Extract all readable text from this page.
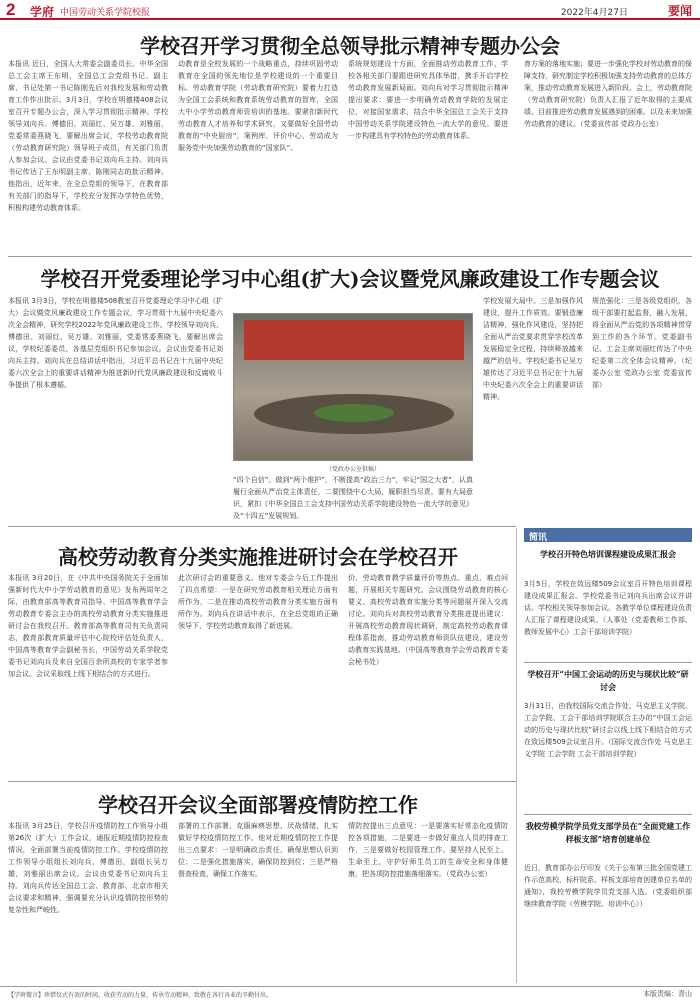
2 学府 中国劳动关系学院校报	2022年4月27日	要闻
学校召开学习贯彻全总领导批示精神专题办公会
本报讯 近日，全国人大常委会副委员长、中华全国总工会主席王东明，全国总工会党组书记、副主席、书记处第一书记陈刚先后对我校发展和劳动教育工作作出批示。3月3日，学校在明德楼408会议室召开专题办公会，深入学习贯彻批示精神。学校领导刘向兵、傅德田、刘丽红、吴万雄、刘雅丽，党委常委燕晓飞，要解出席会议，学校劳动教育院（劳动教育研究院）领导班子成员，有关部门负责人参加会议。会议由党委书记刘向兵主持。刘向兵书记传达了王东明副主席、陈刚同志的批示精神。他指出，近年来，在全总党组的领导下，在教育部有关部门的指导下，学校充分发挥办学特色优势，积极构建劳动教育体系。
动教育是全校发展的一个战略重点，持续巩固劳动教育在全国的领先地位是学校建设的一个重要目标。劳动教育学院（劳动教育研究院）要着力打造为全国工会系统和教育系统劳动教育的智库，全国大中小学劳动教育师资培训的基地。要紧扣新时代劳动教育人才培养和学术研究，又要做好全国劳动教育的“中央厨房”，案例库、评价中心、劳动成为服务党中央加强劳动教育的“国家队”。
系统规划建设十方面，全面推动劳动教育工作。学校各相关部门要跟进研究具体举措，携手开启学校劳动教育发展新局面。刘向兵对学习贯彻批示精神提出要求：要进一步明确劳动教育学院的发展定位，对接国家需求，结合中华全国总工会关于支持中国劳动关系学院建设特色一流大学的意见。要进一步构建具有学校特色的劳动教育体系。
育方案的落地实施；要进一步强化学校对劳动教育的保障支持，研究制定学校积极加强支持劳动教育的总体方案，推动劳动教育发展进入新阶段。会上，劳动教育院（劳动教育研究院）负责人汇报了近年取得的主要成绩、目前推进劳动教育发展遇到的困难。以及未来加强劳动教育的建议。（党委宣传部 党政办公室）
学校召开党委理论学习中心组(扩大)会议暨党风廉政建设工作专题会议
本报讯 3月3日，学校在明德楼508教室召开党委理论学习中心组（扩大）会议暨党风廉政建设工作专题会议，学习贯彻十九届中央纪委六次全会精神，研究学校2022年党风廉政建设工作。学校领导刘向兵、傅德田、刘丽红、吴万雄、刘雅丽，党委常委燕晓飞、要解出席会议，学校纪委委员、各基层党组织书记参加会议。会议由党委书记刘向兵主持。刘向兵在总结讲话中指出，习近平总书记在十九届中央纪委六次全会上的重要讲话精神为推进新时代党风廉政建设和反腐败斗争提供了根本遵循。
（党政办公室供稿）
“四个自信”、做到“两个维护”，不断提高“政治三力”，牢记“国之大者”，认真履行全面从严治党主体责任，二要围绕中心大局，履职担当尽责。要有大局意识，紧扣《中华全国总工会支持中国劳动关系学院建设特色一流大学的意见》及“十四五”发展规划。
学校发展大局中。三是加强作风建设，提升工作质效。要锻造廉洁精神，强化作风建设，坚持把全面从严治党要求贯穿学校改革发展稳定全过程，持续释放越来越严的信号。学校纪委书记吴万雄传达了习近平总书记在十九届中央纪委六次全会上的重要讲话精神。
规范强化：三是各级党组织，各级干部要打起监督，融入发展，将全面从严治党的各项精神贯穿到工作的各个环节。党委副书记、工会主席刘丽红传达了中央纪委第二次全体会议精神。（纪委办公室 党政办公室 党委宣传部）
高校劳动教育分类实施推进研讨会在学校召开
本报讯 3月20日，在《中共中央国务院关于全面加强新时代大中小学劳动教育的意见》发布两周年之际，由教育部高等教育司指导、中国高等教育学会劳动教育专委会主办的高校劳动教育分类实施推进研讨会在我校召开。教育部高等教育司有关负责同志，教育部教育质量评估中心院校评估处负责人，中国高等教育学会副秘书长，中国劳动关系学院党委书记刘向兵及来自全国百余所高校的专家学者参加会议。会议采取线上线下相结合的方式进行。
此次研讨会的重要意义。他对专委会今后工作提出了四点希望：一是在研究劳动教育相关理论方面有所作为，二是在推动高校劳动教育分类实施方面有所作为。刘向兵在讲话中表示，在全总党组的正确领导下，学校劳动教育取得了新进展。
价、劳动教育教学质量评价等热点、重点、难点问题，开展相关专题研究。会议围绕劳动教育的核心要义、高校劳动教育实施分类等问题展开深入交流讨论。刘向兵对高校劳动教育分类推进提出建议：开展高校劳动教育现状调研，制定高校劳动教育课程体系指南，推动劳动教育师资队伍建设，建设劳动教育实践基地。（中国高等教育学会劳动教育专委会秘书处）
学校召开会议全面部署疫情防控工作
本报讯 3月25日，学校召开疫情防控工作领导小组第26次（扩大）工作会议，通报近期疫情防控检查情况，全面部署当前疫情防控工作。学校疫情防控工作领导小组组长刘向兵，傅德田，副组长吴万雄，刘雅丽出席会议。会议由党委书记刘向兵主持。刘向兵传达全国总工会、教育部、北京市相关会议要求和精神，强调要充分认识疫情防控形势的复杂性和严峻性。
部署的工作部署，克服麻痹思想、厌战情绪，扎实做好学校疫情防控工作。他对近期疫情防控工作提出三点要求：一是明确政治责任，确保思想认识到位；二是强化措施落实，确保防控到位；三是严格督查检查，确保工作落实。
情防控提出三点意见：一是要落实好常态化疫情防控各项措施，二是要进一步做好重点人员的排查工作，三是要做好校园管理工作。要坚持人民至上、生命至上，守护好师生员工的生命安全和身体健康，把各项防控措施落细落实。（党政办公室）
简讯
学校召开特色培训课程建设成果汇报会
3月5日，学校在致远楼509会议室召开特色培训课程建设成果汇报会。学校党委书记刘向兵出席会议并讲话。学校相关领导参加会议。各教学单位课程建设负责人汇报了课程建设成果。（人事处（党委教师工作部、教师发展中心）工会干部培训学院）
学校召开“中国工会运动的历史与现状比较”研讨会
3月31日，由我校国际交流合作处、马克思主义学院、工会学院、工会干部培训学院联合主办的“中国工会运动的历史与现状比较”研讨会以线上线下相结合的方式在致远楼509会议室召开。（国际交流合作处 马克思主义学院 工会学院 工会干部培训学院）
我校劳模学院学员党支部学员在“全面党建工作样板支部”培育创建单位
近日，教育部办公厅印发《关于公布第三批全国党建工作示范高校、标杆院系、样板支部培育创建单位名单的通知》，我校劳模学院学员党支部入选。（党委组织部 继续教育学院（劳模学院、培训中心））
【学府微言】珍惜仪式有效的时间，收获劳动的力量，传承劳动精神，致敬在各行各业的辛勤付出。	本版责编：青山
